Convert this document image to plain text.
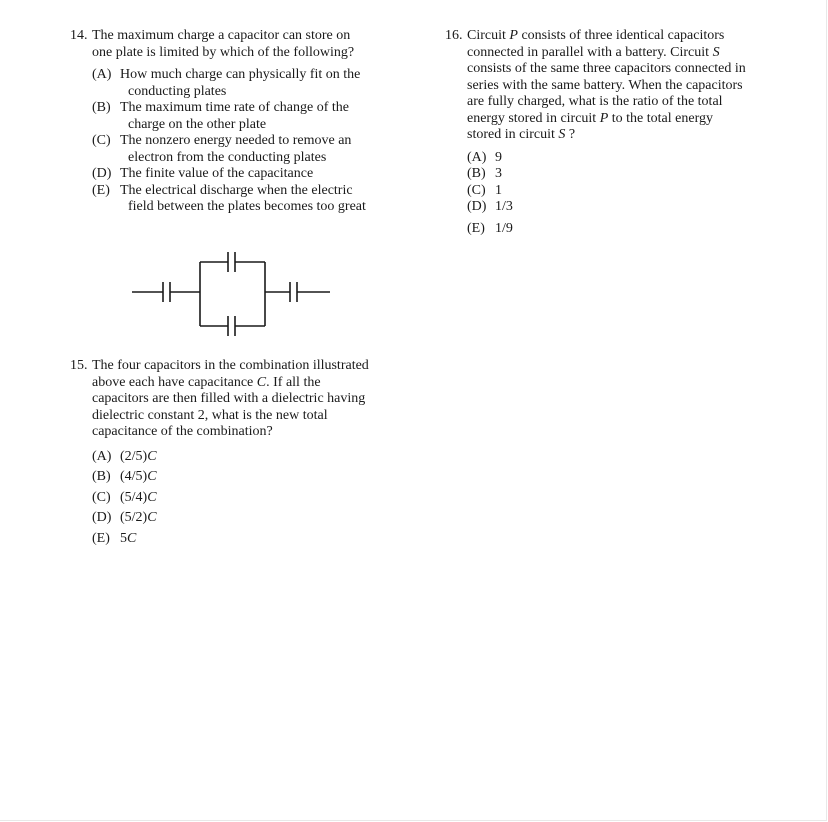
14. The maximum charge a capacitor can store on
one plate is limited by which of the following?
(A) How much charge can physically fit on the
conducting plates
(B) The maximum time rate of change of the
charge on the other plate
(C) The nonzero energy needed to remove an
electron from the conducting plates
(D) The finite value of the capacitance
(E) The electrical discharge when the electric
field between the plates becomes too great
15. The four capacitors in the combination illustrated
above each have capacitance C. If all the
capacitors are then filled with a dielectric having
dielectric constant 2, what is the new total
capacitance of the combination?
(A) (2/5)C
(B) (4/5)C
(C) (5/4)C
(D) (5/2)C
(E) 5C
16. Circuit P consists of three identical capacitors
connected in parallel with a battery. Circuit S
consists of the same three capacitors connected in
series with the same battery. When the capacitors
are fully charged, what is the ratio of the total
energy stored in circuit P to the total energy
stored in circuit S ?
(A) 9
(B) 3
(C) 1
(D) 1/3
(E) 1/9
